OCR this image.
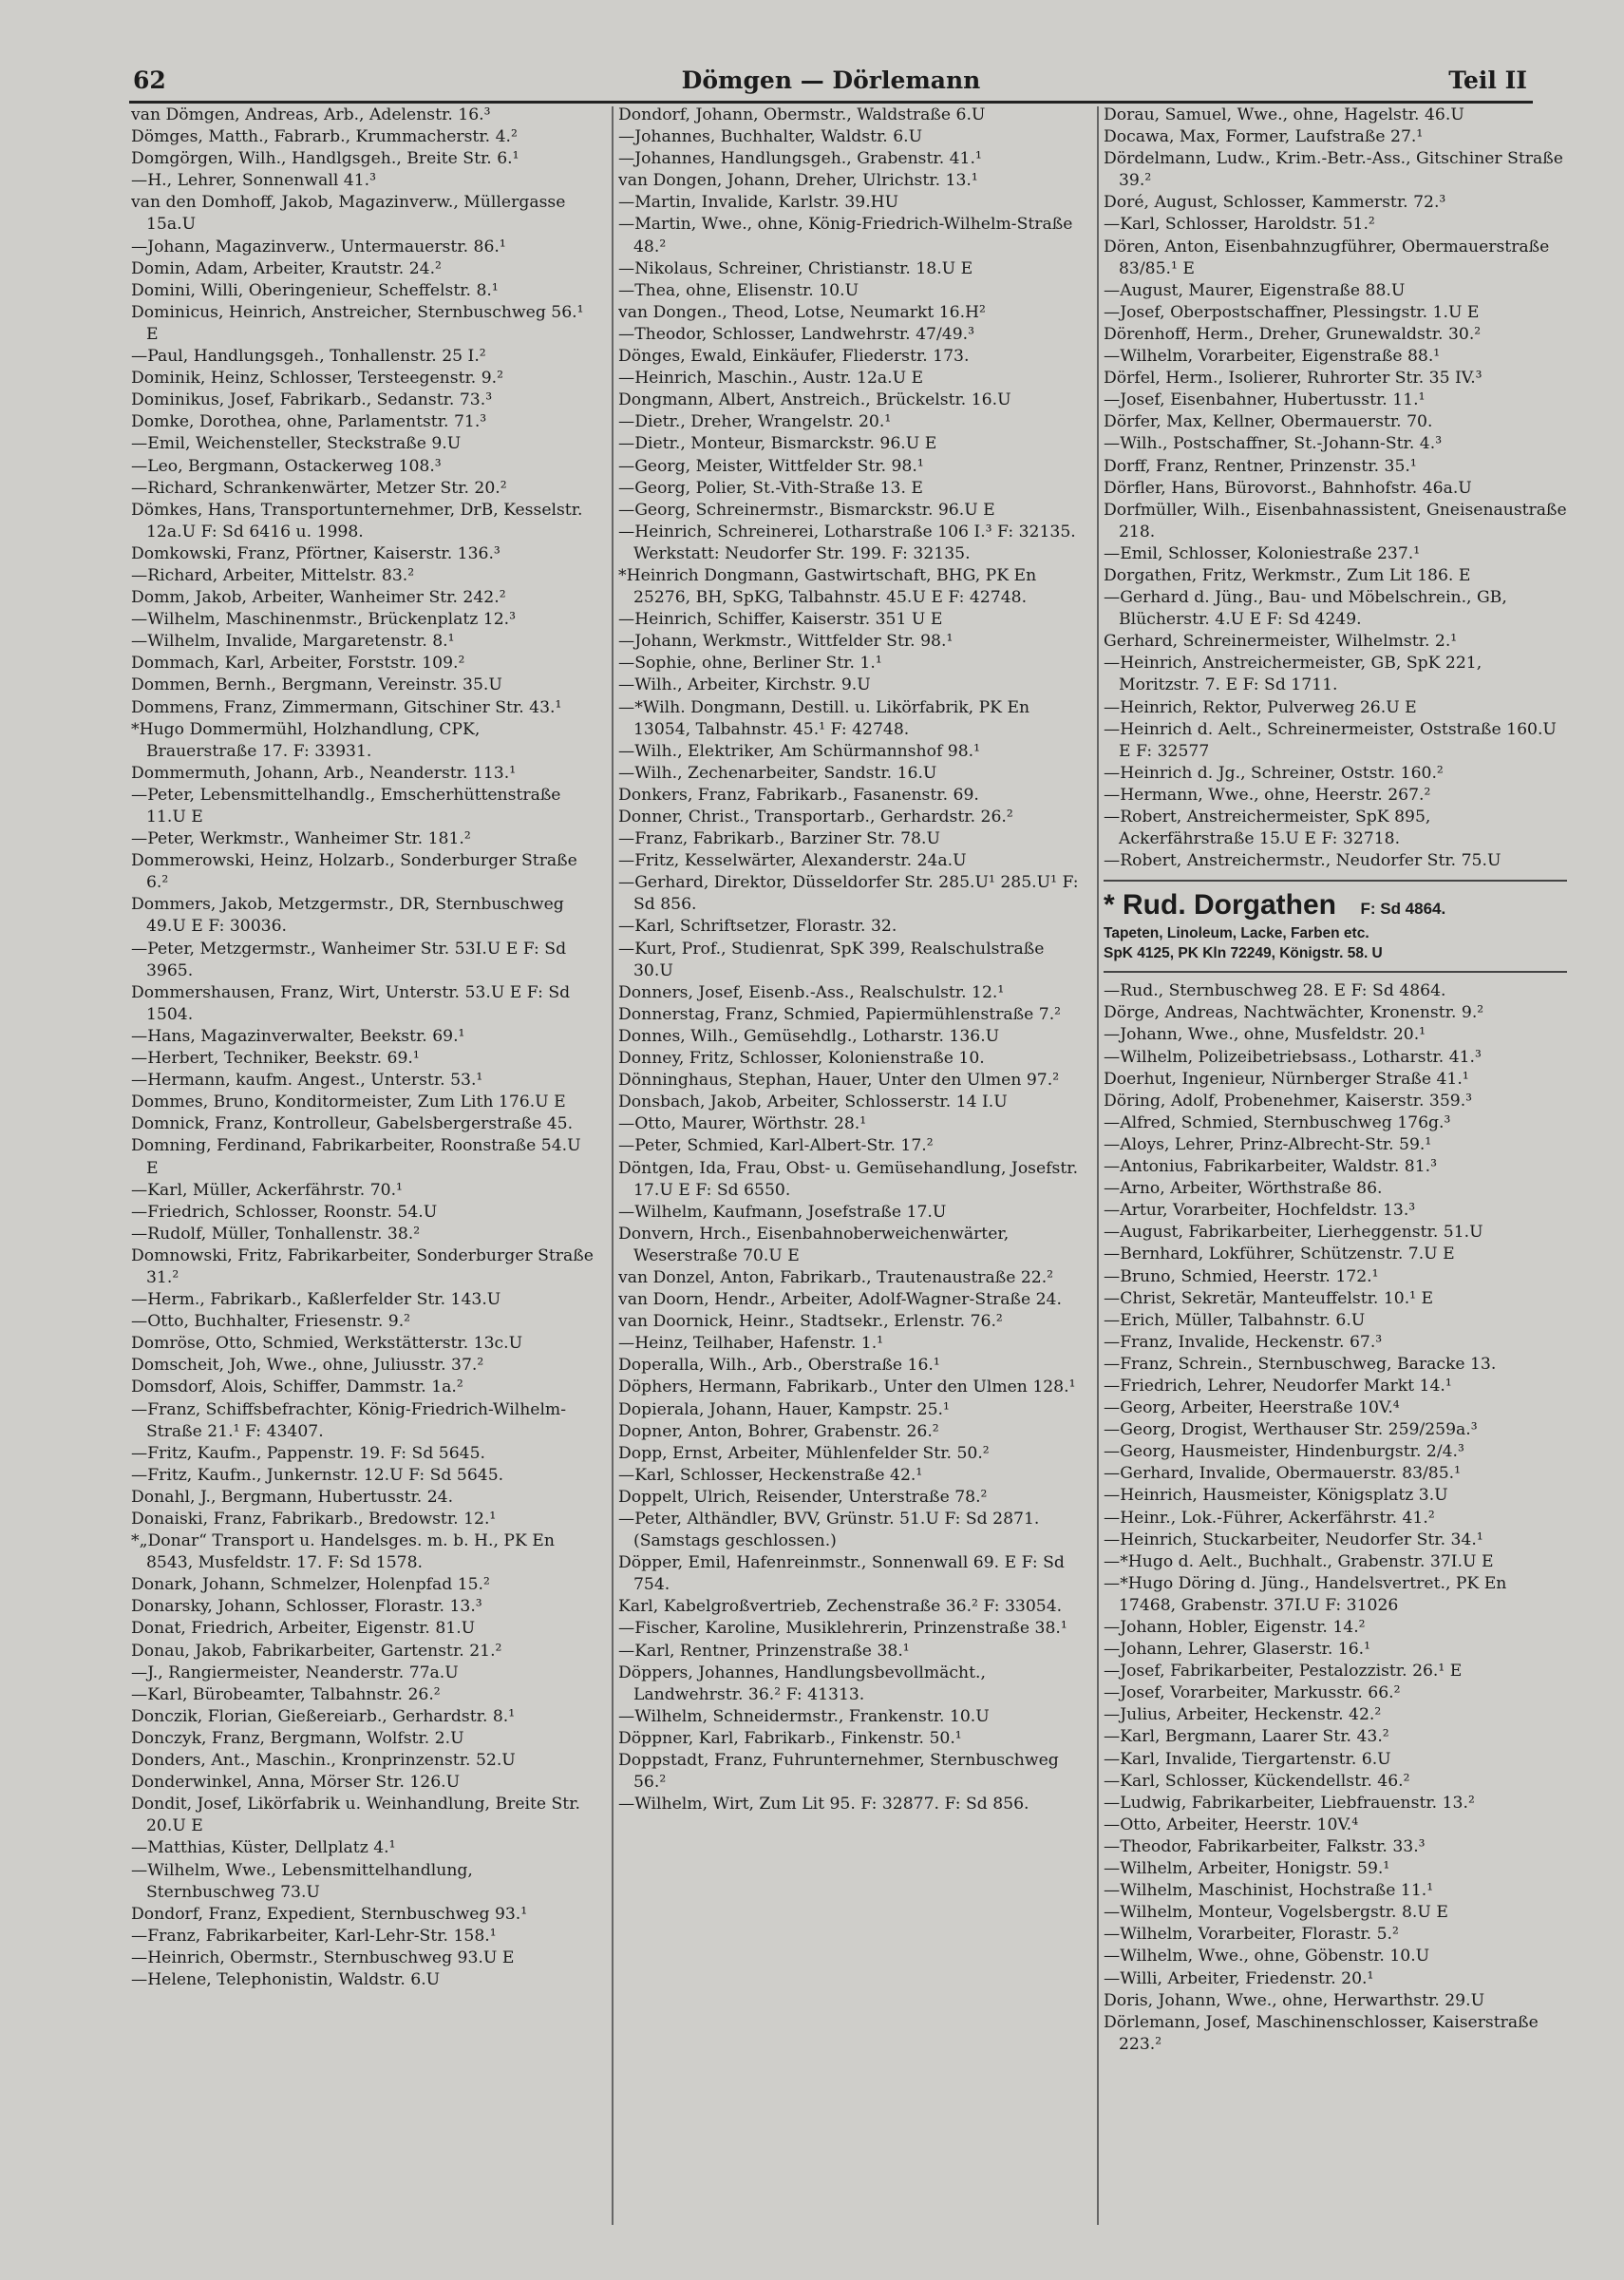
62	Dömgen — Dörlemann	Teil II

van Dömgen, Andreas, Arb., Adelenstr. 16.³

Dömges, Matth., Fabrarb., Krummacherstr. 4.²

Domgörgen, Wilh., Handlgsgeh., Breite Str. 6.¹

—H., Lehrer, Sonnenwall 41.³

van den Domhoff, Jakob, Magazinverw., Müllergasse 15a.U

—Johann, Magazinverw., Untermauerstr. 86.¹

Domin, Adam, Arbeiter, Krautstr. 24.²

Domini, Willi, Oberingenieur, Scheffelstr. 8.¹

Dominicus, Heinrich, Anstreicher, Sternbuschweg 56.¹ E

—Paul, Handlungsgeh., Tonhallenstr. 25 I.²

Dominik, Heinz, Schlosser, Tersteegenstr. 9.²

Dominikus, Josef, Fabrikarb., Sedanstr. 73.³

Domke, Dorothea, ohne, Parlamentstr. 71.³

—Emil, Weichensteller, Steckstraße 9.U

—Leo, Bergmann, Ostackerweg 108.³

—Richard, Schrankenwärter, Metzer Str. 20.²

Dömkes, Hans, Transportunternehmer, DrB, Kesselstr. 12a.U F: Sd 6416 u. 1998.

Domkowski, Franz, Pförtner, Kaiserstr. 136.³

—Richard, Arbeiter, Mittelstr. 83.²

Domm, Jakob, Arbeiter, Wanheimer Str. 242.²

—Wilhelm, Maschinenmstr., Brückenplatz 12.³

—Wilhelm, Invalide, Margaretenstr. 8.¹

Dommach, Karl, Arbeiter, Forststr. 109.²

Dommen, Bernh., Bergmann, Vereinstr. 35.U

Dommens, Franz, Zimmermann, Gitschiner Str. 43.¹

*Hugo Dommermühl, Holzhandlung, CPK, Brauerstraße 17. F: 33931.

Dommermuth, Johann, Arb., Neanderstr. 113.¹

—Peter, Lebensmittelhandlg., Emscherhüttenstraße 11.U E

—Peter, Werkmstr., Wanheimer Str. 181.²

Dommerowski, Heinz, Holzarb., Sonderburger Straße 6.²

Dommers, Jakob, Metzgermstr., DR, Sternbuschweg 49.U E F: 30036.

—Peter, Metzgermstr., Wanheimer Str. 53I.U E F: Sd 3965.

Dommershausen, Franz, Wirt, Unterstr. 53.U E F: Sd 1504.

—Hans, Magazinverwalter, Beekstr. 69.¹

—Herbert, Techniker, Beekstr. 69.¹

—Hermann, kaufm. Angest., Unterstr. 53.¹

Dommes, Bruno, Konditormeister, Zum Lith 176.U E

Domnick, Franz, Kontrolleur, Gabelsbergerstraße 45.

Domning, Ferdinand, Fabrikarbeiter, Roonstraße 54.U E

—Karl, Müller, Ackerfährstr. 70.¹

—Friedrich, Schlosser, Roonstr. 54.U

—Rudolf, Müller, Tonhallenstr. 38.²

Domnowski, Fritz, Fabrikarbeiter, Sonderburger Straße 31.²

—Herm., Fabrikarb., Kaßlerfelder Str. 143.U

—Otto, Buchhalter, Friesenstr. 9.²

Domröse, Otto, Schmied, Werkstätterstr. 13c.U

Domscheit, Joh, Wwe., ohne, Juliusstr. 37.²

Domsdorf, Alois, Schiffer, Dammstr. 1a.²

—Franz, Schiffsbefrachter, König-Friedrich-Wilhelm-Straße 21.¹ F: 43407.

—Fritz, Kaufm., Pappenstr. 19. F: Sd 5645.

—Fritz, Kaufm., Junkernstr. 12.U F: Sd 5645.

Donahl, J., Bergmann, Hubertusstr. 24.

Donaiski, Franz, Fabrikarb., Bredowstr. 12.¹

*„Donar“ Transport u. Handelsges. m. b. H., PK En 8543, Musfeldstr. 17. F: Sd 1578.

Donark, Johann, Schmelzer, Holenpfad 15.²

Donarsky, Johann, Schlosser, Florastr. 13.³

Donat, Friedrich, Arbeiter, Eigenstr. 81.U

Donau, Jakob, Fabrikarbeiter, Gartenstr. 21.²

—J., Rangiermeister, Neanderstr. 77a.U

—Karl, Bürobeamter, Talbahnstr. 26.²

Donczik, Florian, Gießereiarb., Gerhardstr. 8.¹

Donczyk, Franz, Bergmann, Wolfstr. 2.U

Donders, Ant., Maschin., Kronprinzenstr. 52.U

Donderwinkel, Anna, Mörser Str. 126.U

Dondit, Josef, Likörfabrik u. Weinhandlung, Breite Str. 20.U E

—Matthias, Küster, Dellplatz 4.¹

—Wilhelm, Wwe., Lebensmittelhandlung, Sternbuschweg 73.U

Dondorf, Franz, Expedient, Sternbuschweg 93.¹

—Franz, Fabrikarbeiter, Karl-Lehr-Str. 158.¹

—Heinrich, Obermstr., Sternbuschweg 93.U E

—Helene, Telephonistin, Waldstr. 6.U

Dondorf, Johann, Obermstr., Waldstraße 6.U

—Johannes, Buchhalter, Waldstr. 6.U

—Johannes, Handlungsgeh., Grabenstr. 41.¹

van Dongen, Johann, Dreher, Ulrichstr. 13.¹

—Martin, Invalide, Karlstr. 39.HU

—Martin, Wwe., ohne, König-Friedrich-Wilhelm-Straße 48.²

—Nikolaus, Schreiner, Christianstr. 18.U E

—Thea, ohne, Elisenstr. 10.U

van Dongen., Theod, Lotse, Neumarkt 16.H²

—Theodor, Schlosser, Landwehrstr. 47/49.³

Dönges, Ewald, Einkäufer, Fliederstr. 173.

—Heinrich, Maschin., Austr. 12a.U E

Dongmann, Albert, Anstreich., Brückelstr. 16.U

—Dietr., Dreher, Wrangelstr. 20.¹

—Dietr., Monteur, Bismarckstr. 96.U E

—Georg, Meister, Wittfelder Str. 98.¹

—Georg, Polier, St.-Vith-Straße 13. E

—Georg, Schreinermstr., Bismarckstr. 96.U E

—Heinrich, Schreinerei, Lotharstraße 106 I.³ F: 32135. Werkstatt: Neudorfer Str. 199. F: 32135.

*Heinrich Dongmann, Gastwirtschaft, BHG, PK En 25276, BH, SpKG, Talbahnstr. 45.U E F: 42748.

—Heinrich, Schiffer, Kaiserstr. 351 U E

—Johann, Werkmstr., Wittfelder Str. 98.¹

—Sophie, ohne, Berliner Str. 1.¹

—Wilh., Arbeiter, Kirchstr. 9.U

—*Wilh. Dongmann, Destill. u. Likörfabrik, PK En 13054, Talbahnstr. 45.¹ F: 42748.

—Wilh., Elektriker, Am Schürmannshof 98.¹

—Wilh., Zechenarbeiter, Sandstr. 16.U

Donkers, Franz, Fabrikarb., Fasanenstr. 69.

Donner, Christ., Transportarb., Gerhardstr. 26.²

—Franz, Fabrikarb., Barziner Str. 78.U

—Fritz, Kesselwärter, Alexanderstr. 24a.U

—Gerhard, Direktor, Düsseldorfer Str. 285.U¹ 285.U¹ F: Sd 856.

—Karl, Schriftsetzer, Florastr. 32.

—Kurt, Prof., Studienrat, SpK 399, Realschulstraße 30.U

Donners, Josef, Eisenb.-Ass., Realschulstr. 12.¹

Donnerstag, Franz, Schmied, Papiermühlenstraße 7.²

Donnes, Wilh., Gemüsehdlg., Lotharstr. 136.U

Donney, Fritz, Schlosser, Kolonienstraße 10.

Dönninghaus, Stephan, Hauer, Unter den Ulmen 97.²

Donsbach, Jakob, Arbeiter, Schlosserstr. 14 I.U

—Otto, Maurer, Wörthstr. 28.¹

—Peter, Schmied, Karl-Albert-Str. 17.²

Döntgen, Ida, Frau, Obst- u. Gemüsehandlung, Josefstr. 17.U E F: Sd 6550.

—Wilhelm, Kaufmann, Josefstraße 17.U

Donvern, Hrch., Eisenbahnoberweichenwärter, Weserstraße 70.U E

van Donzel, Anton, Fabrikarb., Trautenaustraße 22.²

van Doorn, Hendr., Arbeiter, Adolf-Wagner-Straße 24.

van Doornick, Heinr., Stadtsekr., Erlenstr. 76.²

—Heinz, Teilhaber, Hafenstr. 1.¹

Doperalla, Wilh., Arb., Oberstraße 16.¹

Döphers, Hermann, Fabrikarb., Unter den Ulmen 128.¹

Dopierala, Johann, Hauer, Kampstr. 25.¹

Dopner, Anton, Bohrer, Grabenstr. 26.²

Dopp, Ernst, Arbeiter, Mühlenfelder Str. 50.²

—Karl, Schlosser, Heckenstraße 42.¹

Doppelt, Ulrich, Reisender, Unterstraße 78.²

—Peter, Althändler, BVV, Grünstr. 51.U F: Sd 2871. (Samstags geschlossen.)

Döpper, Emil, Hafenreinmstr., Sonnenwall 69. E F: Sd 754.

Karl, Kabelgroßvertrieb, Zechenstraße 36.² F: 33054.

—Fischer, Karoline, Musiklehrerin, Prinzenstraße 38.¹

—Karl, Rentner, Prinzenstraße 38.¹

Döppers, Johannes, Handlungsbevollmächt., Landwehrstr. 36.² F: 41313.

—Wilhelm, Schneidermstr., Frankenstr. 10.U

Döppner, Karl, Fabrikarb., Finkenstr. 50.¹

Doppstadt, Franz, Fuhrunternehmer, Sternbuschweg 56.²

—Wilhelm, Wirt, Zum Lit 95. F: 32877. F: Sd 856.

Dorau, Samuel, Wwe., ohne, Hagelstr. 46.U

Docawa, Max, Former, Laufstraße 27.¹

Dördelmann, Ludw., Krim.-Betr.-Ass., Gitschiner Straße 39.²

Doré, August, Schlosser, Kammerstr. 72.³

—Karl, Schlosser, Haroldstr. 51.²

Dören, Anton, Eisenbahnzugführer, Obermauerstraße 83/85.¹ E

—August, Maurer, Eigenstraße 88.U

—Josef, Oberpostschaffner, Plessingstr. 1.U E

Dörenhoff, Herm., Dreher, Grunewaldstr. 30.²

—Wilhelm, Vorarbeiter, Eigenstraße 88.¹

Dörfel, Herm., Isolierer, Ruhrorter Str. 35 IV.³

—Josef, Eisenbahner, Hubertusstr. 11.¹

Dörfer, Max, Kellner, Obermauerstr. 70.

—Wilh., Postschaffner, St.-Johann-Str. 4.³

Dorff, Franz, Rentner, Prinzenstr. 35.¹

Dörfler, Hans, Bürovorst., Bahnhofstr. 46a.U

Dorfmüller, Wilh., Eisenbahnassistent, Gneisenaustraße 218.

—Emil, Schlosser, Koloniestraße 237.¹

Dorgathen, Fritz, Werkmstr., Zum Lit 186. E

—Gerhard d. Jüng., Bau- und Möbelschrein., GB, Blücherstr. 4.U E F: Sd 4249.

Gerhard, Schreinermeister, Wilhelmstr. 2.¹

—Heinrich, Anstreichermeister, GB, SpK 221, Moritzstr. 7. E F: Sd 1711.

—Heinrich, Rektor, Pulverweg 26.U E

—Heinrich d. Aelt., Schreinermeister, Oststraße 160.U E F: 32577

—Heinrich d. Jg., Schreiner, Oststr. 160.²

—Hermann, Wwe., ohne, Heerstr. 267.²

—Robert, Anstreichermeister, SpK 895, Ackerfährstraße 15.U E F: 32718.

—Robert, Anstreichermstr., Neudorfer Str. 75.U

* Rud. Dorgathen F: Sd 4864.
Tapeten, Linoleum, Lacke, Farben etc.
SpK 4125, PK Kln 72249, Königstr. 58. U

—Rud., Sternbuschweg 28. E F: Sd 4864.

Dörge, Andreas, Nachtwächter, Kronenstr. 9.²

—Johann, Wwe., ohne, Musfeldstr. 20.¹

—Wilhelm, Polizeibetriebsass., Lotharstr. 41.³

Doerhut, Ingenieur, Nürnberger Straße 41.¹

Döring, Adolf, Probenehmer, Kaiserstr. 359.³

—Alfred, Schmied, Sternbuschweg 176g.³

—Aloys, Lehrer, Prinz-Albrecht-Str. 59.¹

—Antonius, Fabrikarbeiter, Waldstr. 81.³

—Arno, Arbeiter, Wörthstraße 86.

—Artur, Vorarbeiter, Hochfeldstr. 13.³

—August, Fabrikarbeiter, Lierheggenstr. 51.U

—Bernhard, Lokführer, Schützenstr. 7.U E

—Bruno, Schmied, Heerstr. 172.¹

—Christ, Sekretär, Manteuffelstr. 10.¹ E

—Erich, Müller, Talbahnstr. 6.U

—Franz, Invalide, Heckenstr. 67.³

—Franz, Schrein., Sternbuschweg, Baracke 13.

—Friedrich, Lehrer, Neudorfer Markt 14.¹

—Georg, Arbeiter, Heerstraße 10V.⁴

—Georg, Drogist, Werthauser Str. 259/259a.³

—Georg, Hausmeister, Hindenburgstr. 2/4.³

—Gerhard, Invalide, Obermauerstr. 83/85.¹

—Heinrich, Hausmeister, Königsplatz 3.U

—Heinr., Lok.-Führer, Ackerfährstr. 41.²

—Heinrich, Stuckarbeiter, Neudorfer Str. 34.¹

—*Hugo d. Aelt., Buchhalt., Grabenstr. 37I.U E

—*Hugo Döring d. Jüng., Handelsvertret., PK En 17468, Grabenstr. 37I.U F: 31026

—Johann, Hobler, Eigenstr. 14.²

—Johann, Lehrer, Glaserstr. 16.¹

—Josef, Fabrikarbeiter, Pestalozzistr. 26.¹ E

—Josef, Vorarbeiter, Markusstr. 66.²

—Julius, Arbeiter, Heckenstr. 42.²

—Karl, Bergmann, Laarer Str. 43.²

—Karl, Invalide, Tiergartenstr. 6.U

—Karl, Schlosser, Kückendellstr. 46.²

—Ludwig, Fabrikarbeiter, Liebfrauenstr. 13.²

—Otto, Arbeiter, Heerstr. 10V.⁴

—Theodor, Fabrikarbeiter, Falkstr. 33.³

—Wilhelm, Arbeiter, Honigstr. 59.¹

—Wilhelm, Maschinist, Hochstraße 11.¹

—Wilhelm, Monteur, Vogelsbergstr. 8.U E

—Wilhelm, Vorarbeiter, Florastr. 5.²

—Wilhelm, Wwe., ohne, Göbenstr. 10.U

—Willi, Arbeiter, Friedenstr. 20.¹

Doris, Johann, Wwe., ohne, Herwarthstr. 29.U

Dörlemann, Josef, Maschinenschlosser, Kaiserstraße 223.²
